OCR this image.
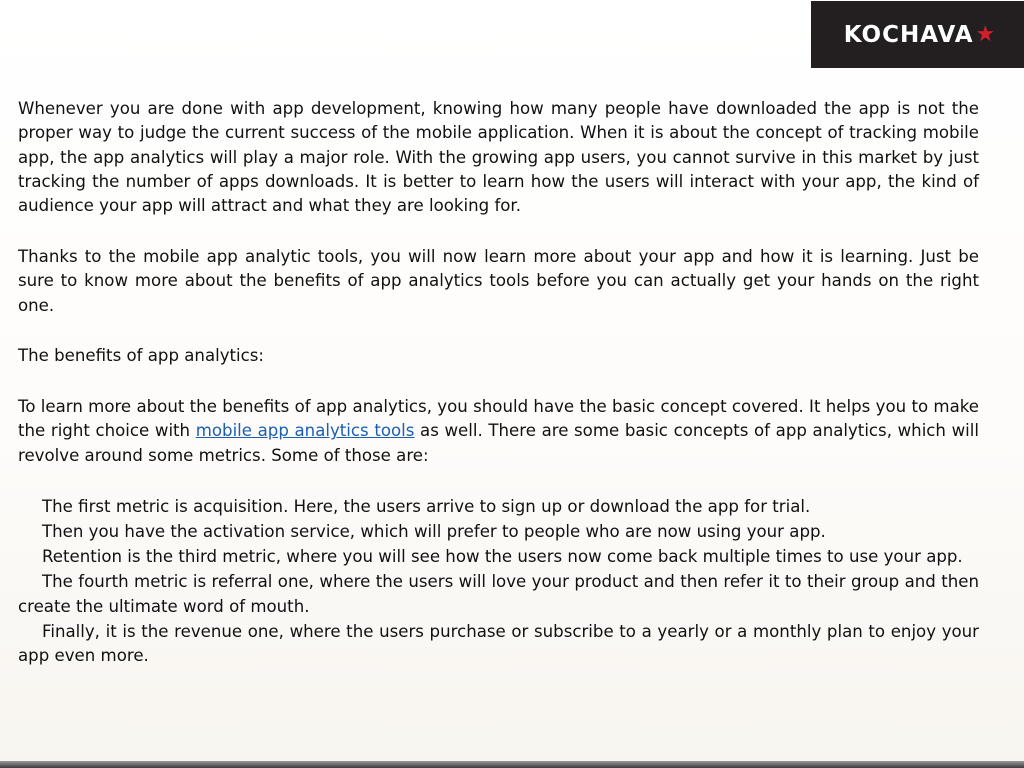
KOCHAVA ★

Whenever you are done with app development, knowing how many people have downloaded the app is not the proper way to judge the current success of the mobile application. When it is about the concept of tracking mobile app, the app analytics will play a major role. With the growing app users, you cannot survive in this market by just tracking the number of apps downloads. It is better to learn how the users will interact with your app, the kind of audience your app will attract and what they are looking for.

Thanks to the mobile app analytic tools, you will now learn more about your app and how it is learning. Just be sure to know more about the benefits of app analytics tools before you can actually get your hands on the right one.

The benefits of app analytics:

To learn more about the benefits of app analytics, you should have the basic concept covered. It helps you to make the right choice with mobile app analytics tools as well. There are some basic concepts of app analytics, which will revolve around some metrics. Some of those are:

The first metric is acquisition. Here, the users arrive to sign up or download the app for trial.
Then you have the activation service, which will prefer to people who are now using your app.
Retention is the third metric, where you will see how the users now come back multiple times to use your app.
The fourth metric is referral one, where the users will love your product and then refer it to their group and then create the ultimate word of mouth.
Finally, it is the revenue one, where the users purchase or subscribe to a yearly or a monthly plan to enjoy your app even more.
